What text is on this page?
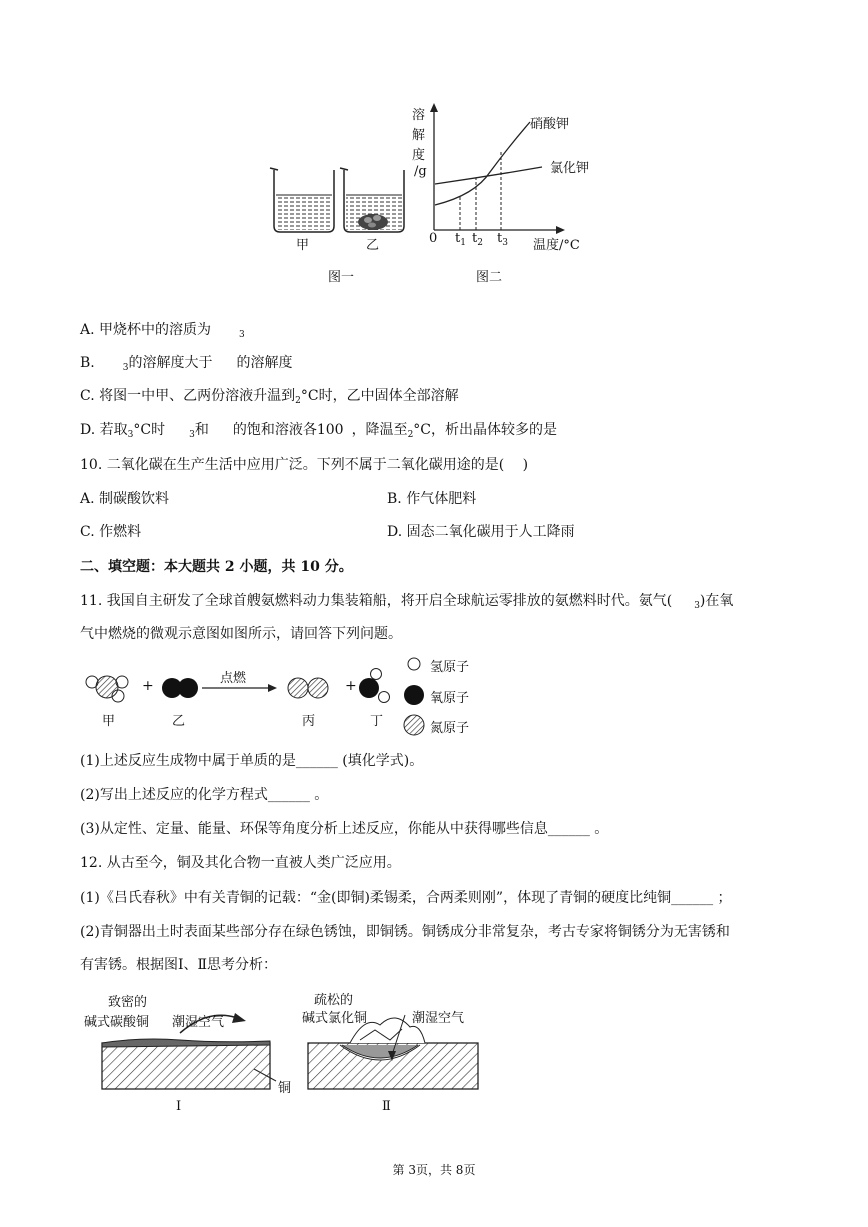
甲	乙
图一	图二
溶
解
度
/g
0 $t_1$ $t_2$ $t_3$ 温度/°C
硝酸钾
氯化钾
A. 甲烧杯中的溶质为	$_3$
B.	$_3$的溶解度大于 的溶解度
C. 将图一中甲、乙两份溶液升温到$_2$°C时，乙中固体全部溶解
D. 若取$_3$°C时	$_3$和 的饱和溶液各100 ，降温至$_2$°C，析出晶体较多的是
10. 二氧化碳在生产生活中应用广泛。下列不属于二氧化碳用途的是(　 )
A. 制碳酸饮料	B. 作气体肥料
C. 作燃料	D. 固态二氧化碳用于人工降雨
二、填空题：本大题共 2 小题，共 10 分。
11. 我国自主研发了全球首艘氨燃料动力集装箱船，将开启全球航运零排放的氨燃料时代。氨气( $_3$)在氧
气中燃烧的微观示意图如图所示，请回答下列问题。
+	+
点燃
甲	乙	丙	丁
氢原子
氧原子
氮原子
(1)上述反应生成物中属于单质的是______ (填化学式)。
(2)写出上述反应的化学方程式______ 。
(3)从定性、定量、能量、环保等角度分析上述反应，你能从中获得哪些信息______ 。
12. 从古至今，铜及其化合物一直被人类广泛应用。
(1)《吕氏春秋》中有关青铜的记载：“金(即铜)柔锡柔，合两柔则刚”，体现了青铜的硬度比纯铜______ ；
(2)青铜器出土时表面某些部分存在绿色锈蚀，即铜锈。铜锈成分非常复杂，考古专家将铜锈分为无害锈和
有害锈。根据图Ⅰ、Ⅱ思考分析：
致密的
碱式碳酸铜 潮湿空气
铜
Ⅰ
疏松的
碱式氯化铜	潮湿空气
Ⅱ
第 3页，共 8页
